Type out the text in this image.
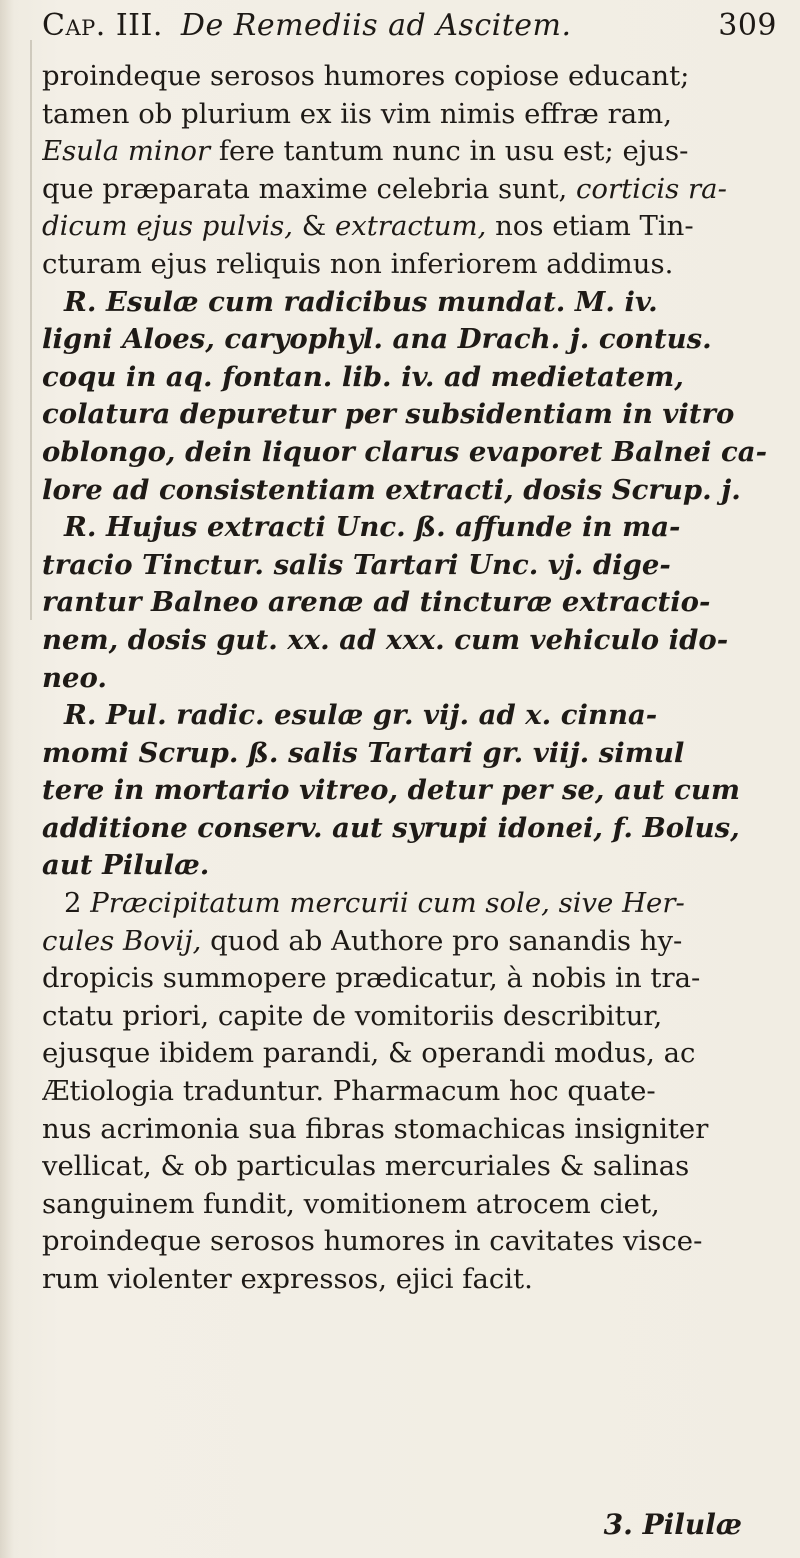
Cap. III. De Remediis ad Ascitem.	309
proindeque serosos humores copiose educant;
tamen ob plurium ex iis vim nimis effræ ram,
Esula minor fere tantum nunc in usu est; ejus-
que præparata maxime celebria sunt, corticis ra-
dicum ejus pulvis, & extractum, nos etiam Tin-
cturam ejus reliquis non inferiorem addimus.
R. Esulæ cum radicibus mundat. M. iv.
ligni Aloes, caryophyl. ana Drach. j. contus.
coqu in aq. fontan. lib. iv. ad medietatem,
colatura depuretur per subsidentiam in vitro
oblongo, dein liquor clarus evaporet Balnei ca-
lore ad consistentiam extracti, dosis Scrup. j.
R. Hujus extracti Unc. ß. affunde in ma-
tracio Tinctur. salis Tartari Unc. vj. dige-
rantur Balneo arenæ ad tincturæ extractio-
nem, dosis gut. xx. ad xxx. cum vehiculo ido-
neo.
R. Pul. radic. esulæ gr. vij. ad x. cinna-
momi Scrup. ß. salis Tartari gr. viij. simul
tere in mortario vitreo, detur per se, aut cum
additione conserv. aut syrupi idonei, f. Bolus,
aut Pilulæ.
2 Præcipitatum mercurii cum sole, sive Her-
cules Bovij, quod ab Authore pro sanandis hy-
dropicis summopere prædicatur, à nobis in tra-
ctatu priori, capite de vomitoriis describitur,
ejusque ibidem parandi, & operandi modus, ac
Ætiologia traduntur. Pharmacum hoc quate-
nus acrimonia sua fibras stomachicas insigniter
vellicat, & ob particulas mercuriales & salinas
sanguinem fundit, vomitionem atrocem ciet,
proindeque serosos humores in cavitates visce-
rum violenter expressos, ejici facit.
3. Pilulæ
